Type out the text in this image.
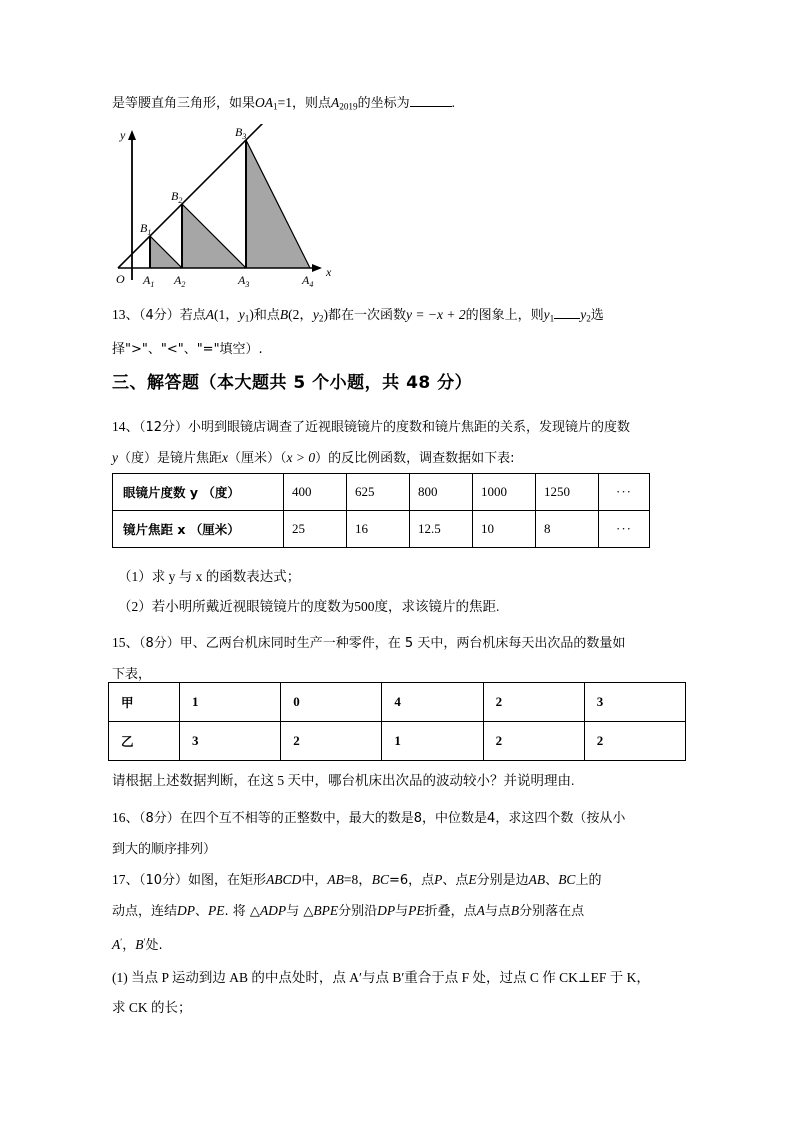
是等腰直角三角形，如果$OA_1=1$，则点$A_{2019}$的坐标为	.
O
y
x
$A_1$ $A_2$	$A_3$	$A_4$
$B_1$
$B_2$
$B_3$

13、（4分）若点A(1，$y_1$)和点B(2，$y_2$)都在一次函数y = −x + 2的图象上，则$y_1$ $y_2$选

择">"、"<"、"="填空）.

三、解答题（本大题共 5 个小题，共 48 分）

14、（12分）小明到眼镜店调查了近视眼镜镜片的度数和镜片焦距的关系，发现镜片的度数

y（度）是镜片焦距x（厘米）（x > 0）的反比例函数，调查数据如下表:

眼镜片度数 y （度）	400	625	800	1000	1250	···
镜片焦距 x （厘米）	25	16	12.5	10	8	···

（1）求 y 与 x 的函数表达式；

（2）若小明所戴近视眼镜镜片的度数为500度，求该镜片的焦距.

15、（8分）甲、乙两台机床同时生产一种零件，在 5 天中，两台机床每天出次品的数量如

下表，

甲	1	0	4	2	3
乙	3	2	1	2	2

请根据上述数据判断，在这 5 天中，哪台机床出次品的波动较小？并说明理由.

16、（8分）在四个互不相等的正整数中，最大的数是8，中位数是4，求这四个数（按从小

到大的顺序排列）

17、（10分）如图，在矩形ABCD中，AB=8，BC=6，点P、点E分别是边AB、BC上的

动点，连结DP、PE. 将 △ADP与 △BPE分别沿DP与PE折叠，点A与点B分别落在点

A′，B′处.

(1) 当点 P 运动到边 AB 的中点处时，点 A′与点 B′重合于点 F 处，过点 C 作 CK⊥EF 于 K，

求 CK 的长；
